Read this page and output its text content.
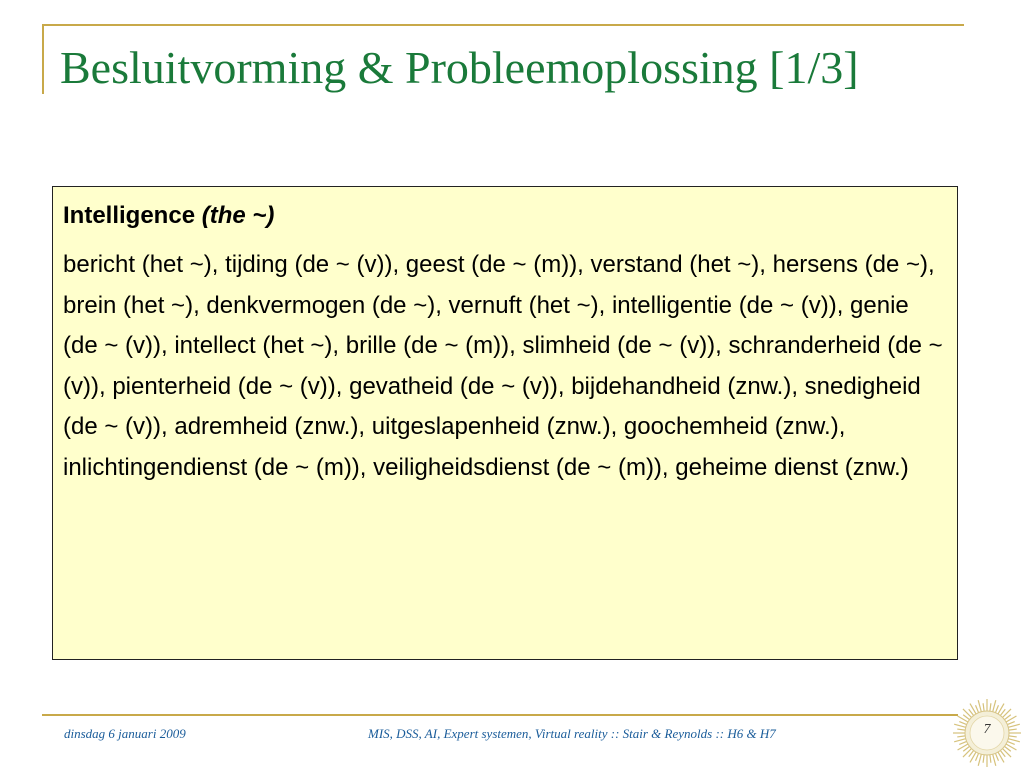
Besluitvorming & Probleemoplossing [1/3]

Intelligence (the ~)

bericht (het ~), tijding (de ~ (v)), geest (de ~ (m)), verstand (het ~), hersens (de ~), brein (het ~), denkvermogen (de ~), vernuft (het ~), intelligentie (de ~ (v)), genie (de ~ (v)), intellect (het ~), brille (de ~ (m)), slimheid (de ~ (v)), schranderheid (de ~ (v)), pienterheid (de ~ (v)), gevatheid (de ~ (v)), bijdehandheid (znw.), snedigheid (de ~ (v)), adremheid (znw.), uitgeslapenheid (znw.), goochemheid (znw.), inlichtingendienst (de ~ (m)), veiligheidsdienst (de ~ (m)), geheime dienst (znw.)

dinsdag 6 januari 2009	MIS, DSS, AI, Expert systemen, Virtual reality :: Stair & Reynolds :: H6 & H7	7
